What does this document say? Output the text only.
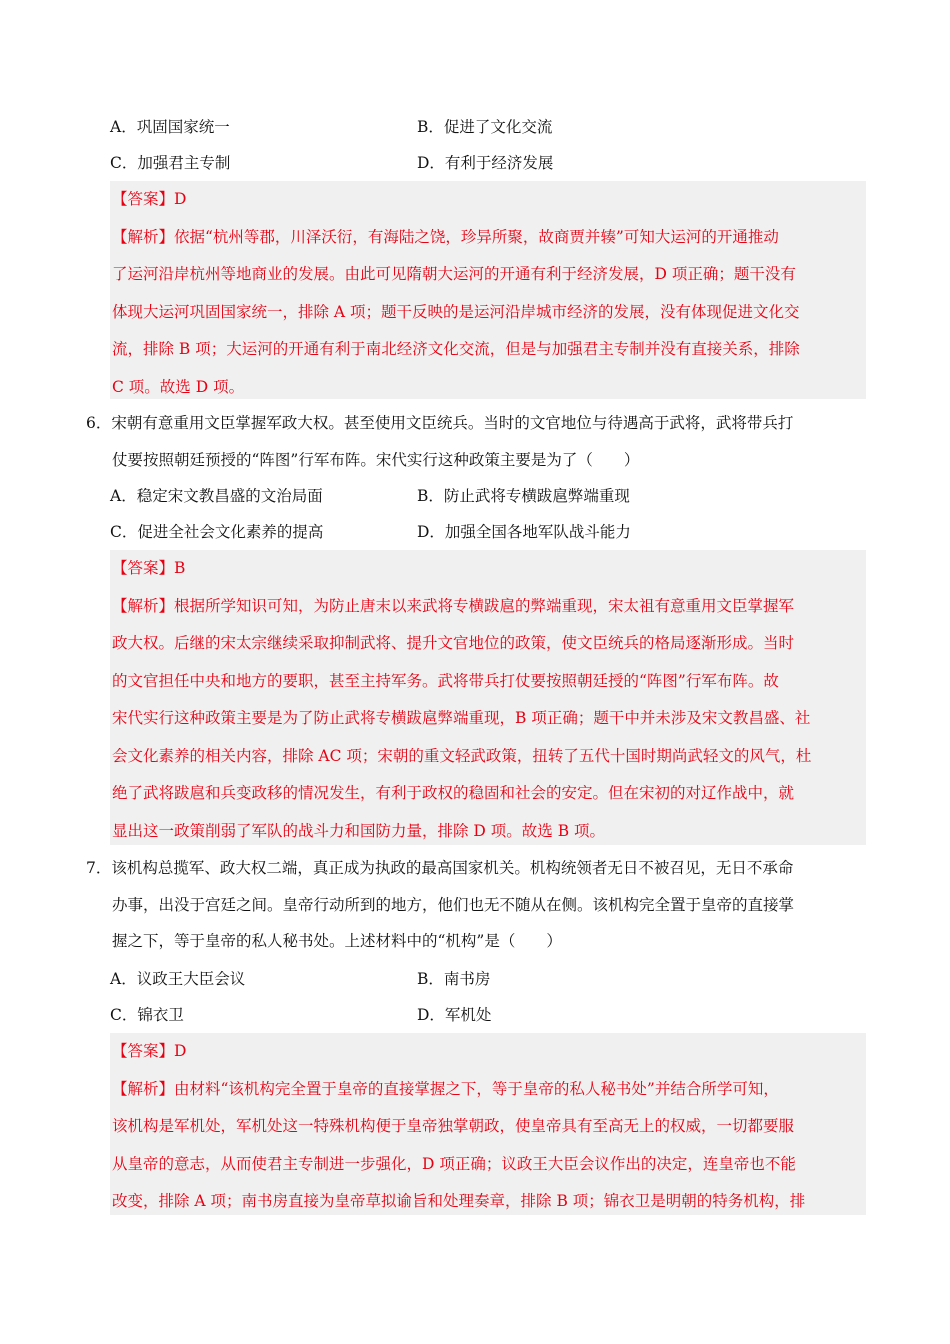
A．巩固国家统一	B．促进了文化交流
C．加强君主专制	D．有利于经济发展

【答案】D

【解析】依据“杭州等郡，川泽沃衍，有海陆之饶，珍异所聚，故商贾并辏”可知大运河的开通推动

了运河沿岸杭州等地商业的发展。由此可见隋朝大运河的开通有利于经济发展，D 项正确；题干没有

体现大运河巩固国家统一，排除 A 项；题干反映的是运河沿岸城市经济的发展，没有体现促进文化交

流，排除 B 项；大运河的开通有利于南北经济文化交流，但是与加强君主专制并没有直接关系，排除

C 项。故选 D 项。

6．宋朝有意重用文臣掌握军政大权。甚至使用文臣统兵。当时的文官地位与待遇高于武将，武将带兵打

仗要按照朝廷预授的“阵图”行军布阵。宋代实行这种政策主要是为了（　　）

A．稳定宋文教昌盛的文治局面	B．防止武将专横跋扈弊端重现
C．促进全社会文化素养的提高	D．加强全国各地军队战斗能力

【答案】B

【解析】根据所学知识可知，为防止唐末以来武将专横跋扈的弊端重现，宋太祖有意重用文臣掌握军

政大权。后继的宋太宗继续采取抑制武将、提升文官地位的政策，使文臣统兵的格局逐渐形成。当时

的文官担任中央和地方的要职，甚至主持军务。武将带兵打仗要按照朝廷授的“阵图”行军布阵。故

宋代实行这种政策主要是为了防止武将专横跋扈弊端重现，B 项正确；题干中并未涉及宋文教昌盛、社

会文化素养的相关内容，排除 AC 项；宋朝的重文轻武政策，扭转了五代十国时期尚武轻文的风气，杜

绝了武将跋扈和兵变政移的情况发生，有利于政权的稳固和社会的安定。但在宋初的对辽作战中，就

显出这一政策削弱了军队的战斗力和国防力量，排除 D 项。故选 B 项。

7．该机构总揽军、政大权二端，真正成为执政的最高国家机关。机构统领者无日不被召见，无日不承命

办事，出没于宫廷之间。皇帝行动所到的地方，他们也无不随从在侧。该机构完全置于皇帝的直接掌

握之下，等于皇帝的私人秘书处。上述材料中的“机构”是（　　）

A．议政王大臣会议	B．南书房
C．锦衣卫	D．军机处

【答案】D

【解析】由材料“该机构完全置于皇帝的直接掌握之下，等于皇帝的私人秘书处”并结合所学可知，

该机构是军机处，军机处这一特殊机构便于皇帝独掌朝政，使皇帝具有至高无上的权威，一切都要服

从皇帝的意志，从而使君主专制进一步强化，D 项正确；议政王大臣会议作出的决定，连皇帝也不能

改变，排除 A 项；南书房直接为皇帝草拟谕旨和处理奏章，排除 B 项；锦衣卫是明朝的特务机构，排
